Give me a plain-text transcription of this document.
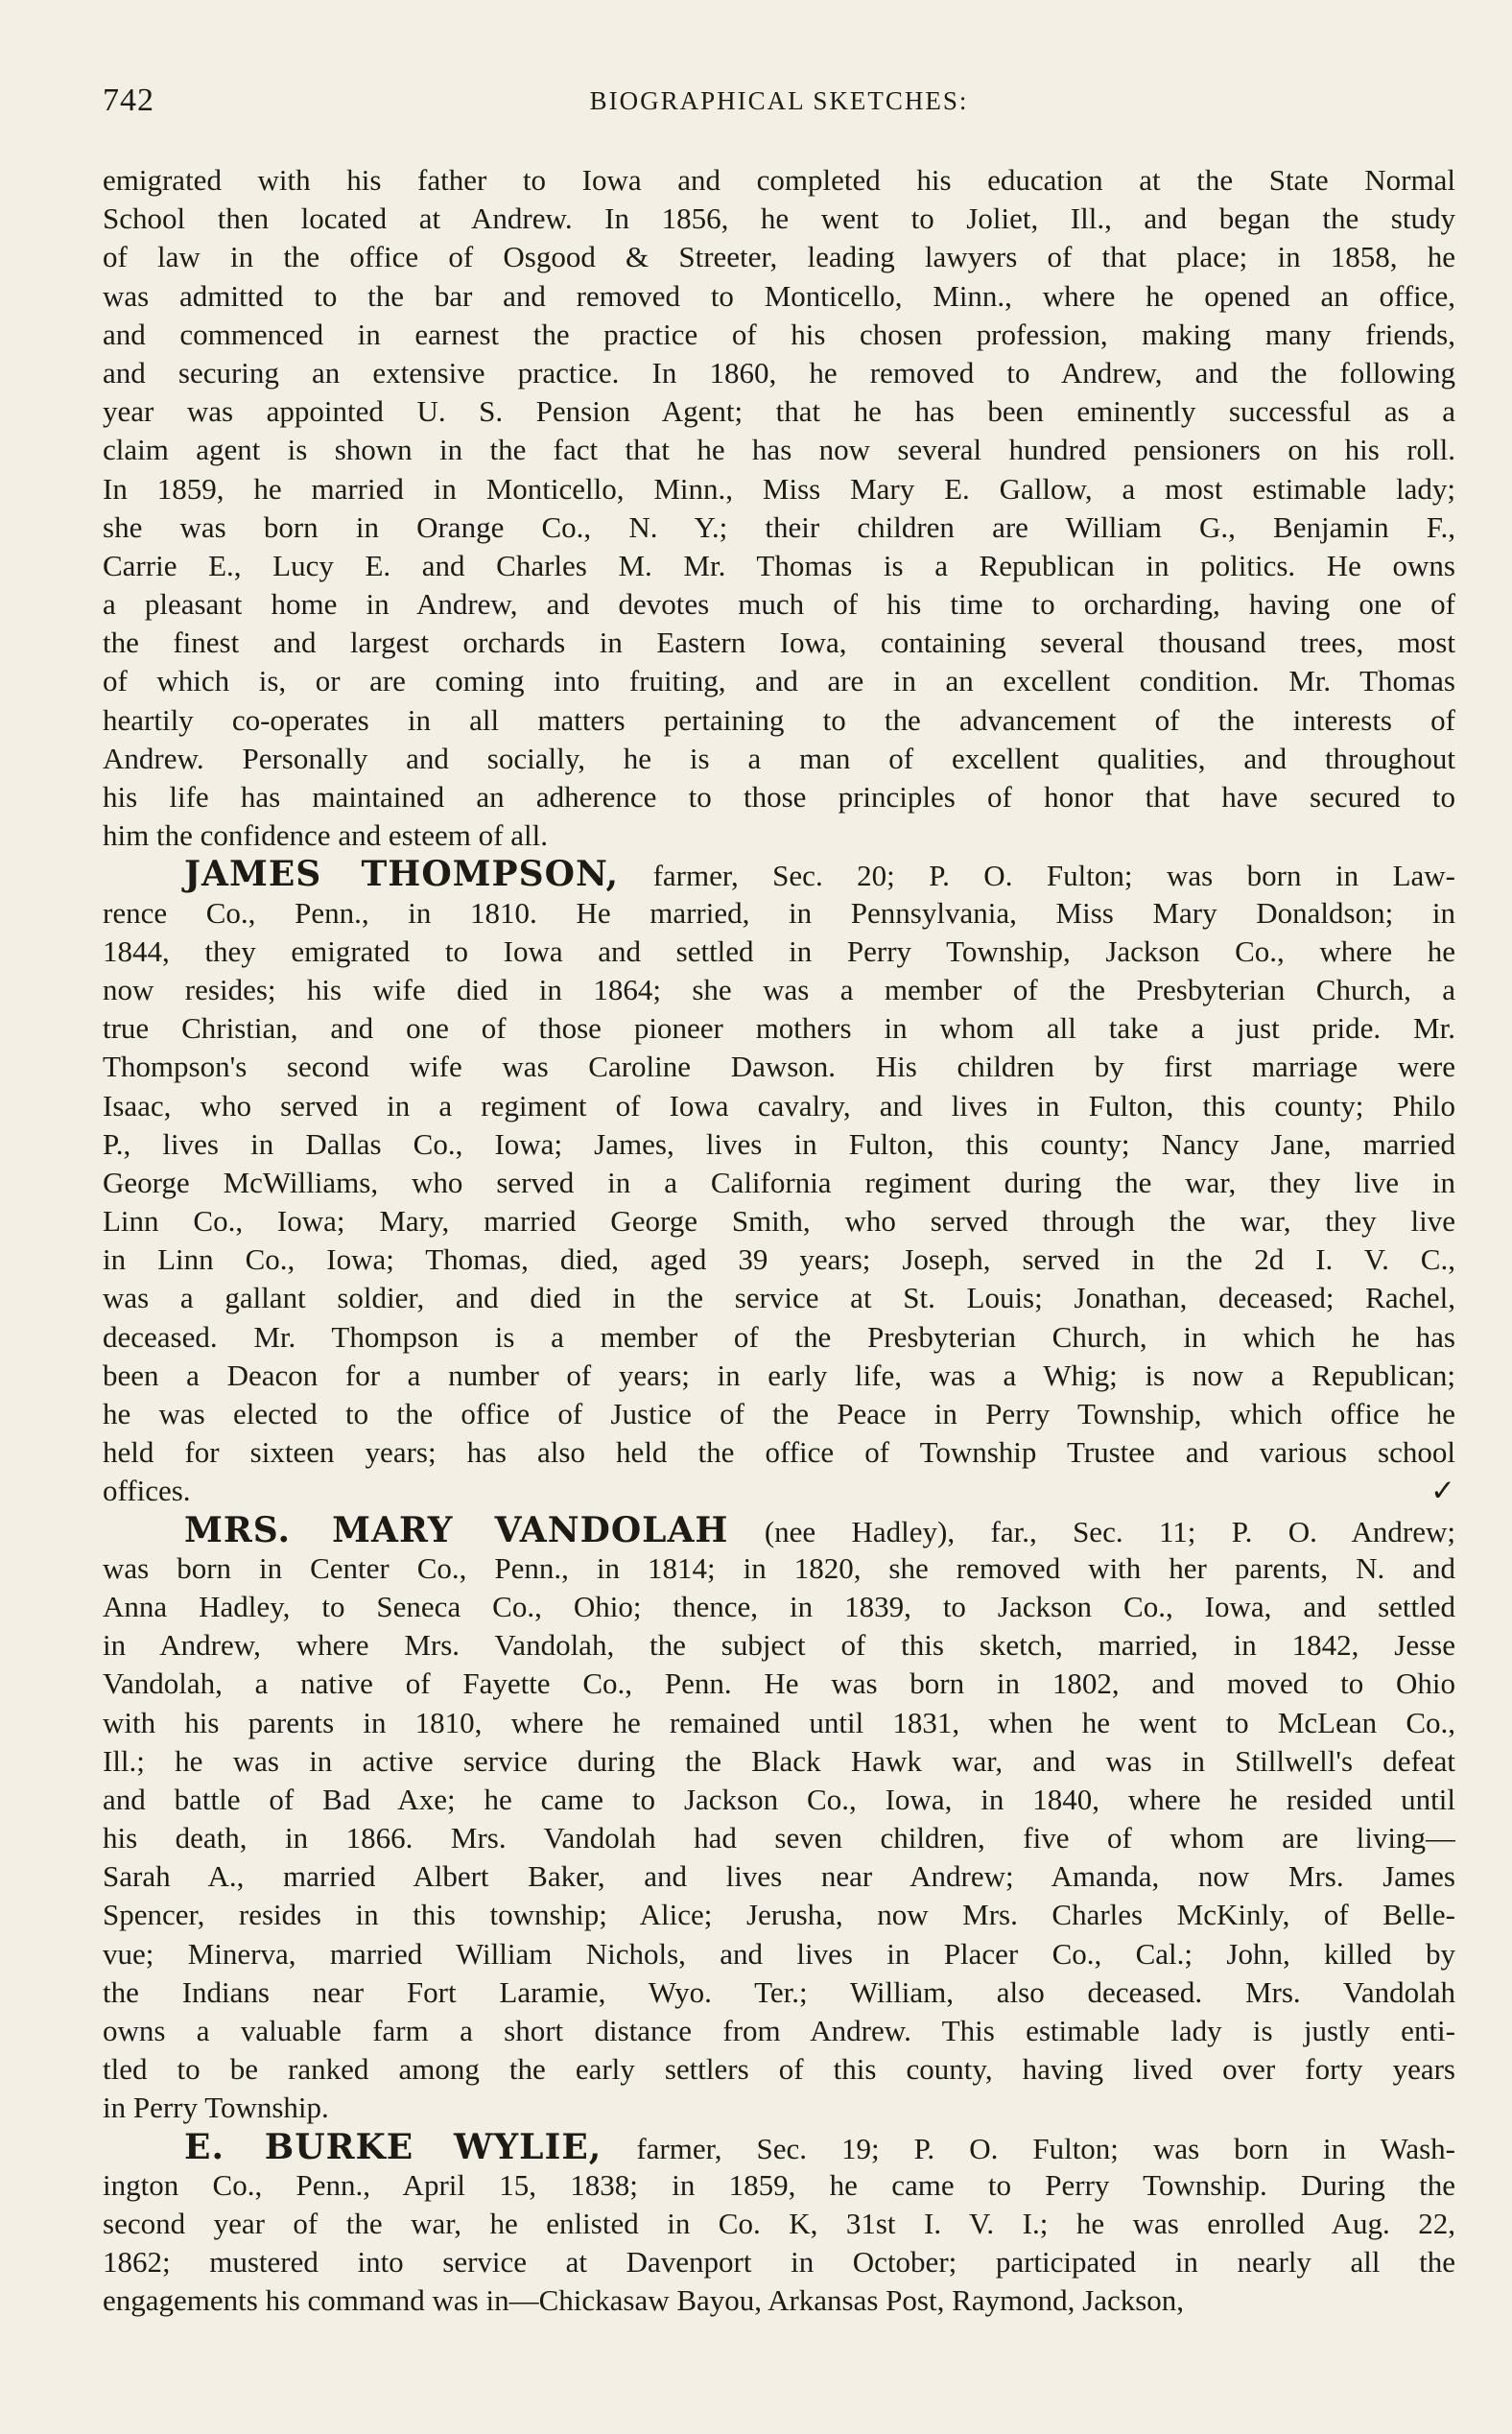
742	BIOGRAPHICAL SKETCHES:
emigrated with his father to Iowa and completed his education at the State Normal
School then located at Andrew. In 1856, he went to Joliet, Ill., and began the study
of law in the office of Osgood & Streeter, leading lawyers of that place; in 1858, he
was admitted to the bar and removed to Monticello, Minn., where he opened an office,
and commenced in earnest the practice of his chosen profession, making many friends,
and securing an extensive practice. In 1860, he removed to Andrew, and the following
year was appointed U. S. Pension Agent; that he has been eminently successful as a
claim agent is shown in the fact that he has now several hundred pensioners on his roll.
In 1859, he married in Monticello, Minn., Miss Mary E. Gallow, a most estimable lady;
she was born in Orange Co., N. Y.; their children are William G., Benjamin F.,
Carrie E., Lucy E. and Charles M. Mr. Thomas is a Republican in politics. He owns
a pleasant home in Andrew, and devotes much of his time to orcharding, having one of
the finest and largest orchards in Eastern Iowa, containing several thousand trees, most
of which is, or are coming into fruiting, and are in an excellent condition. Mr. Thomas
heartily co-operates in all matters pertaining to the advancement of the interests of
Andrew. Personally and socially, he is a man of excellent qualities, and throughout
his life has maintained an adherence to those principles of honor that have secured to
him the confidence and esteem of all.
JAMES THOMPSON, farmer, Sec. 20; P. O. Fulton; was born in Law-
rence Co., Penn., in 1810. He married, in Pennsylvania, Miss Mary Donaldson; in
1844, they emigrated to Iowa and settled in Perry Township, Jackson Co., where he
now resides; his wife died in 1864; she was a member of the Presbyterian Church, a
true Christian, and one of those pioneer mothers in whom all take a just pride. Mr.
Thompson's second wife was Caroline Dawson. His children by first marriage were
Isaac, who served in a regiment of Iowa cavalry, and lives in Fulton, this county; Philo
P., lives in Dallas Co., Iowa; James, lives in Fulton, this county; Nancy Jane, married
George McWilliams, who served in a California regiment during the war, they live in
Linn Co., Iowa; Mary, married George Smith, who served through the war, they live
in Linn Co., Iowa; Thomas, died, aged 39 years; Joseph, served in the 2d I. V. C.,
was a gallant soldier, and died in the service at St. Louis; Jonathan, deceased; Rachel,
deceased. Mr. Thompson is a member of the Presbyterian Church, in which he has
been a Deacon for a number of years; in early life, was a Whig; is now a Republican;
he was elected to the office of Justice of the Peace in Perry Township, which office he
held for sixteen years; has also held the office of Township Trustee and various school
✓
offices.
MRS. MARY VANDOLAH (nee Hadley), far., Sec. 11; P. O. Andrew;
was born in Center Co., Penn., in 1814; in 1820, she removed with her parents, N. and
Anna Hadley, to Seneca Co., Ohio; thence, in 1839, to Jackson Co., Iowa, and settled
in Andrew, where Mrs. Vandolah, the subject of this sketch, married, in 1842, Jesse
Vandolah, a native of Fayette Co., Penn. He was born in 1802, and moved to Ohio
with his parents in 1810, where he remained until 1831, when he went to McLean Co.,
Ill.; he was in active service during the Black Hawk war, and was in Stillwell's defeat
and battle of Bad Axe; he came to Jackson Co., Iowa, in 1840, where he resided until
his death, in 1866. Mrs. Vandolah had seven children, five of whom are living—
Sarah A., married Albert Baker, and lives near Andrew; Amanda, now Mrs. James
Spencer, resides in this township; Alice; Jerusha, now Mrs. Charles McKinly, of Belle-
vue; Minerva, married William Nichols, and lives in Placer Co., Cal.; John, killed by
the Indians near Fort Laramie, Wyo. Ter.; William, also deceased. Mrs. Vandolah
owns a valuable farm a short distance from Andrew. This estimable lady is justly enti-
tled to be ranked among the early settlers of this county, having lived over forty years
in Perry Township.
E. BURKE WYLIE, farmer, Sec. 19; P. O. Fulton; was born in Wash-
ington Co., Penn., April 15, 1838; in 1859, he came to Perry Township. During the
second year of the war, he enlisted in Co. K, 31st I. V. I.; he was enrolled Aug. 22,
1862; mustered into service at Davenport in October; participated in nearly all the
engagements his command was in—Chickasaw Bayou, Arkansas Post, Raymond, Jackson,
